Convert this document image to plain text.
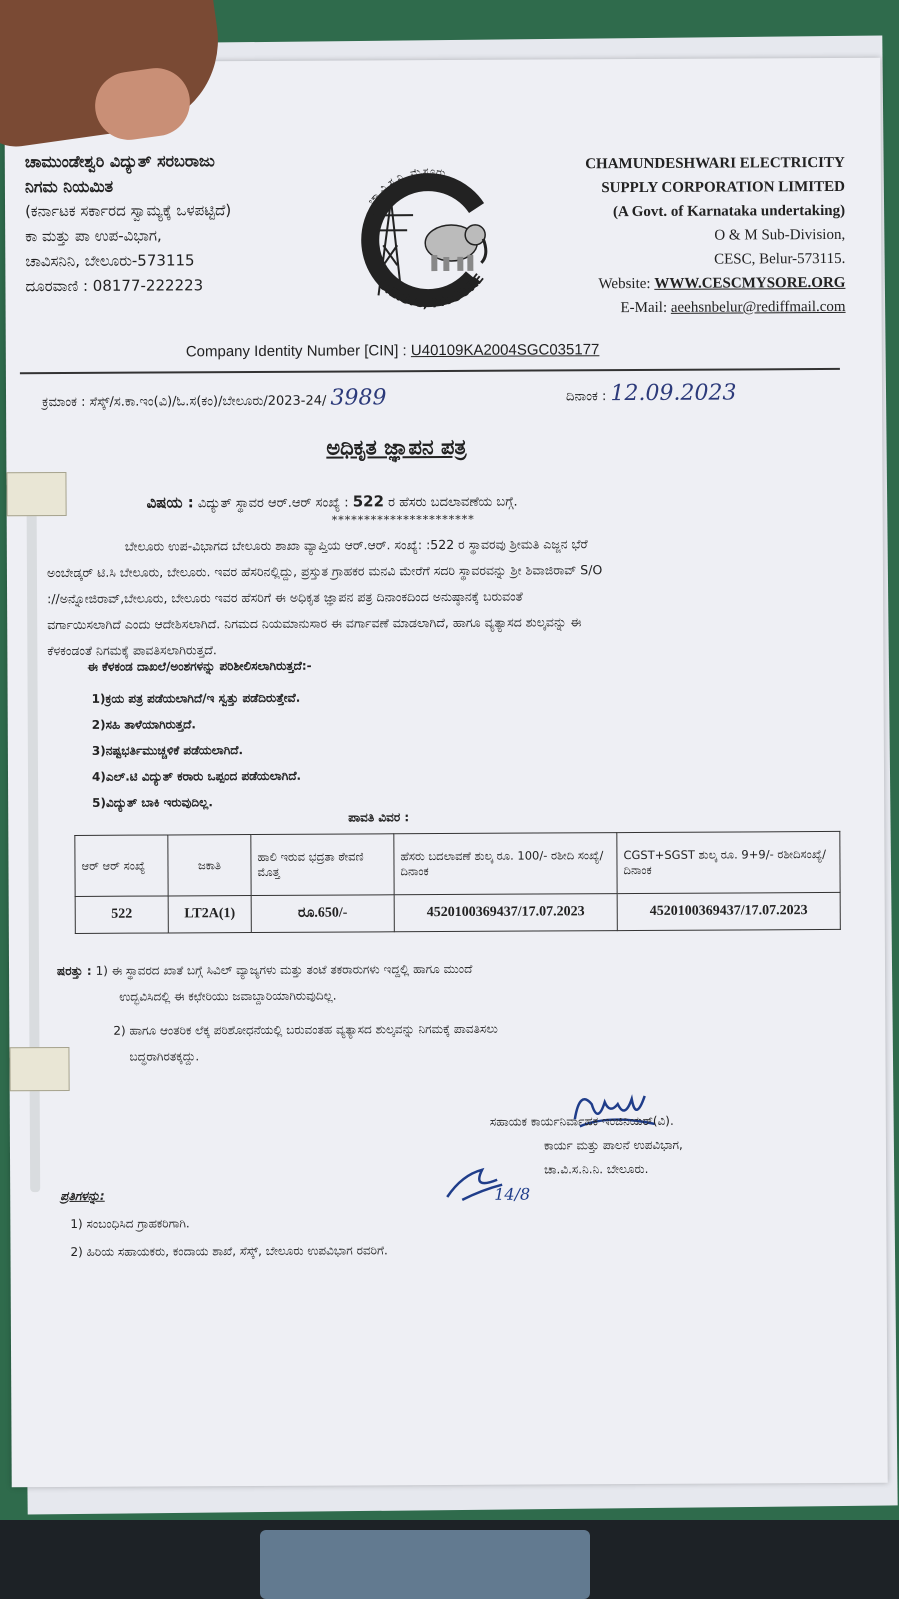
ಚಾಮುಂಡೇಶ್ವರಿ ವಿದ್ಯುತ್ ಸರಬರಾಜು
ನಿಗಮ ನಿಯಮಿತ
(ಕರ್ನಾಟಕ ಸರ್ಕಾರದ ಸ್ವಾಮ್ಯಕ್ಕೆ ಒಳಪಟ್ಟಿದೆ)
ಕಾ ಮತ್ತು ಪಾ ಉಪ-ವಿಭಾಗ,
ಚಾವಿಸನಿನಿ, ಬೇಲೂರು-573115
ದೂರವಾಣಿ : 08177-222223
ಚಾ.ವಿ.ಸ.ನಿ. ಮೈಸೂರು
C.E.S.C, MYSORE
CHAMUNDESHWARI ELECTRICITY
SUPPLY CORPORATION LIMITED
(A Govt. of Karnataka undertaking)
O & M Sub-Division,
CESC, Belur-573115.
Website: WWW.CESCMYSORE.ORG
E-Mail: aeehsnbelur@rediffmail.com
Company Identity Number [CIN] : U40109KA2004SGC035177
ಕ್ರಮಾಂಕ : ಸೆಸ್ಕ್/ಸ.ಕಾ.ಇಂ(ವಿ)/ಓ.ಸ(ಕಂ)/ಬೇಲೂರು/2023-24/ 3989	ದಿನಾಂಕ : 12.09.2023
ಅಧಿಕೃತ ಜ್ಞಾಪನ ಪತ್ರ
ವಿಷಯ : ವಿದ್ಯುತ್ ಸ್ಥಾವರ ಆರ್.ಆರ್ ಸಂಖ್ಯೆ : 522 ರ ಹೆಸರು ಬದಲಾವಣೆಯ ಬಗ್ಗೆ.
**********************
ಬೇಲೂರು ಉಪ-ವಿಭಾಗದ ಬೇಲೂರು ಶಾಖಾ ವ್ಯಾಪ್ತಿಯ ಆರ್.ಆರ್. ಸಂಖ್ಯೆ: :522 ರ ಸ್ಥಾವರವು ಶ್ರೀಮತಿ ಎಜ್ಜನ ಭೆರೆ
ಅಂಬೇಡ್ಕರ್ ಟಿ.ಸಿ ಬೇಲೂರು, ಬೇಲೂರು. ಇವರ ಹೆಸರಿನಲ್ಲಿದ್ದು, ಪ್ರಸ್ತುತ ಗ್ರಾಹಕರ ಮನವಿ ಮೇರೆಗೆ ಸದರಿ ಸ್ಥಾವರವನ್ನು ಶ್ರೀ ಶಿವಾಜಿರಾವ್ S/O
://ಅನ್ನೋಜಿರಾವ್,ಬೇಲೂರು, ಬೇಲೂರು ಇವರ ಹೆಸರಿಗೆ ಈ ಅಧಿಕೃತ ಜ್ಞಾಪನ ಪತ್ರ ದಿನಾಂಕದಿಂದ ಅನುಷ್ಠಾನಕ್ಕೆ ಬರುವಂತೆ
ವರ್ಗಾಯಿಸಲಾಗಿದೆ ಎಂದು ಆದೇಶಿಸಲಾಗಿದೆ. ನಿಗಮದ ನಿಯಮಾನುಸಾರ ಈ ವರ್ಗಾವಣೆ ಮಾಡಲಾಗಿದೆ, ಹಾಗೂ ವ್ಯತ್ಯಾಸದ ಶುಲ್ಕವನ್ನು ಈ
ಕೆಳಕಂಡಂತೆ ನಿಗಮಕ್ಕೆ ಪಾವತಿಸಲಾಗಿರುತ್ತದೆ.
ಈ ಕೆಳಕಂಡ ದಾಖಲೆ/ಅಂಶಗಳನ್ನು ಪರಿಶೀಲಿಸಲಾಗಿರುತ್ತದೆ:-
1)ಕ್ರಯ ಪತ್ರ ಪಡೆಯಲಾಗಿದೆ/ಇ ಸ್ವತ್ತು ಪಡೆದಿರುತ್ತೇವೆ.
2)ಸಹಿ ತಾಳೆಯಾಗಿರುತ್ತದೆ.
3)ನಷ್ಟಭರ್ತಿಮುಚ್ಚಳಿಕೆ ಪಡೆಯಲಾಗಿದೆ.
4)ಎಲ್.ಟಿ ವಿದ್ಯುತ್ ಕರಾರು ಒಪ್ಪಂದ ಪಡೆಯಲಾಗಿದೆ.
5)ವಿದ್ಯುತ್ ಬಾಕಿ ಇರುವುದಿಲ್ಲ.
ಪಾವತಿ ವಿವರ :
ಆರ್ ಆರ್ ಸಂಖ್ಯೆ	ಜಕಾತಿ	ಹಾಲಿ ಇರುವ ಭದ್ರತಾ ಠೇವಣಿ ಮೊತ್ತ	ಹೆಸರು ಬದಲಾವಣೆ ಶುಲ್ಕ ರೂ. 100/- ರಶೀದಿ ಸಂಖ್ಯೆ/ದಿನಾಂಕ	CGST+SGST ಶುಲ್ಕ ರೂ. 9+9/- ರಶೀದಿಸಂಖ್ಯೆ/ದಿನಾಂಕ
522	LT2A(1)	ರೂ.650/-	4520100369437/17.07.2023	4520100369437/17.07.2023
ಷರತ್ತು : 1) ಈ ಸ್ಥಾವರದ ಖಾತೆ ಬಗ್ಗೆ ಸಿವಿಲ್ ವ್ಯಾಜ್ಯಗಳು ಮತ್ತು ತಂಟೆ ತಕರಾರುಗಳು ಇದ್ದಲ್ಲಿ ಹಾಗೂ ಮುಂದೆ
ಉದ್ಭವಿಸಿದಲ್ಲಿ ಈ ಕಛೇರಿಯು ಜವಾಬ್ದಾರಿಯಾಗಿರುವುದಿಲ್ಲ.
2) ಹಾಗೂ ಆಂತರಿಕ ಲೆಕ್ಕ ಪರಿಶೋಧನೆಯಲ್ಲಿ ಬರುವಂತಹ ವ್ಯತ್ಯಾಸದ ಶುಲ್ಕವನ್ನು ನಿಗಮಕ್ಕೆ ಪಾವತಿಸಲು
ಬದ್ಧರಾಗಿರತಕ್ಕದ್ದು.
ಸಹಾಯಕ ಕಾರ್ಯನಿರ್ವಾಹಕ ಇಂಜಿನಿಯರ್(ವಿ).
ಕಾರ್ಯ ಮತ್ತು ಪಾಲನೆ ಉಪವಿಭಾಗ,
ಚಾ.ವಿ.ಸ.ನಿ.ನಿ. ಬೇಲೂರು.
14/8
ಪ್ರತಿಗಳನ್ನು:
1) ಸಂಬಂಧಿಸಿದ ಗ್ರಾಹಕರಿಗಾಗಿ.
2) ಹಿರಿಯ ಸಹಾಯಕರು, ಕಂದಾಯ ಶಾಖೆ, ಸೆಸ್ಕ್, ಬೇಲೂರು ಉಪವಿಭಾಗ ರವರಿಗೆ.
